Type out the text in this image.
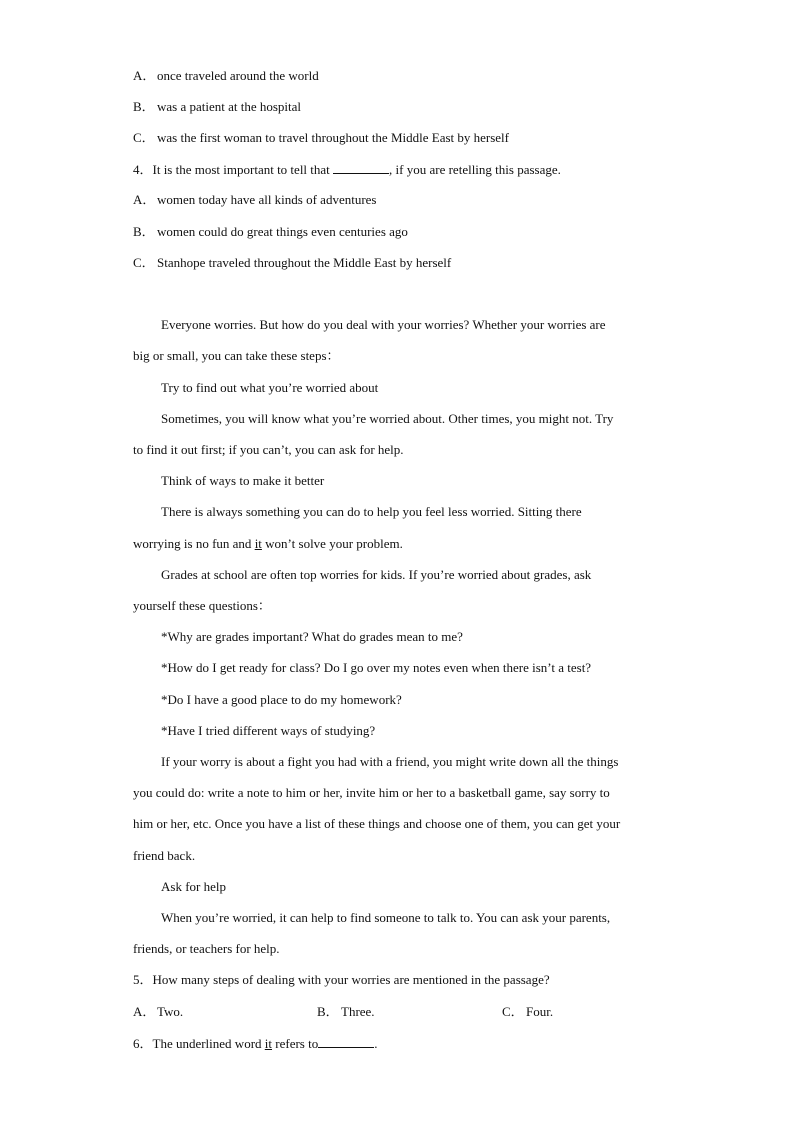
A． once traveled around the world
B． was a patient at the hospital
C． was the first woman to travel throughout the Middle East by herself
4．It is the most important to tell that	, if you are retelling this passage.
A． women today have all kinds of adventures
B． women could do great things even centuries ago
C． Stanhope traveled throughout the Middle East by herself
Everyone worries. But how do you deal with your worries? Whether your worries are
big or small, you can take these steps：
Try to find out what you’re worried about
Sometimes, you will know what you’re worried about. Other times, you might not. Try
to find it out first; if you can’t, you can ask for help.
Think of ways to make it better
There is always something you can do to help you feel less worried. Sitting there
worrying is no fun and it won’t solve your problem.
Grades at school are often top worries for kids. If you’re worried about grades, ask
yourself these questions：
*Why are grades important? What do grades mean to me?
*How do I get ready for class? Do I go over my notes even when there isn’t a test?
*Do I have a good place to do my homework?
*Have I tried different ways of studying?
If your worry is about a fight you had with a friend, you might write down all the things
you could do: write a note to him or her, invite him or her to a basketball game, say sorry to
him or her, etc. Once you have a list of these things and choose one of them, you can get your
friend back.
Ask for help
When you’re worried, it can help to find someone to talk to. You can ask your parents,
friends, or teachers for help.
5．How many steps of dealing with your worries are mentioned in the passage?
A． Two.	B． Three.	C． Four.
6．The underlined word it refers to	.
